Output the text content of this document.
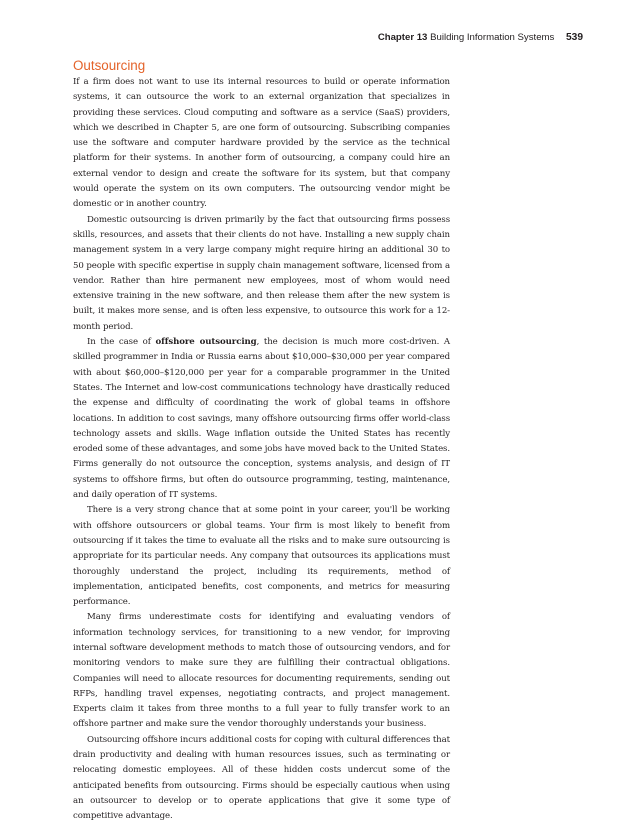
Chapter 13 Building Information Systems 539
Outsourcing

If a firm does not want to use its internal resources to build or operate information systems, it can outsource the work to an external organization that specializes in providing these services. Cloud computing and software as a service (SaaS) providers, which we described in Chapter 5, are one form of outsourcing. Subscribing companies use the software and computer hardware provided by the service as the technical platform for their systems. In another form of outsourcing, a company could hire an external vendor to design and create the software for its system, but that company would operate the system on its own computers. The outsourcing vendor might be domestic or in another country.

Domestic outsourcing is driven primarily by the fact that outsourcing firms possess skills, resources, and assets that their clients do not have. Installing a new supply chain management system in a very large company might require hiring an additional 30 to 50 people with specific expertise in supply chain management software, licensed from a vendor. Rather than hire permanent new employees, most of whom would need extensive training in the new software, and then release them after the new system is built, it makes more sense, and is often less expensive, to outsource this work for a 12-month period.

In the case of offshore outsourcing, the decision is much more cost-driven. A skilled programmer in India or Russia earns about $10,000–$30,000 per year compared with about $60,000–$120,000 per year for a comparable programmer in the United States. The Internet and low-cost communications technology have drastically reduced the expense and difficulty of coordinating the work of global teams in offshore locations. In addition to cost savings, many offshore outsourcing firms offer world-class technology assets and skills. Wage inflation outside the United States has recently eroded some of these advantages, and some jobs have moved back to the United States. Firms generally do not outsource the conception, systems analysis, and design of IT systems to offshore firms, but often do outsource programming, testing, maintenance, and daily operation of IT systems.

There is a very strong chance that at some point in your career, you'll be working with offshore outsourcers or global teams. Your firm is most likely to benefit from outsourcing if it takes the time to evaluate all the risks and to make sure outsourcing is appropriate for its particular needs. Any company that outsources its applications must thoroughly understand the project, including its requirements, method of implementation, anticipated benefits, cost components, and metrics for measuring performance.

Many firms underestimate costs for identifying and evaluating vendors of information technology services, for transitioning to a new vendor, for improving internal software development methods to match those of outsourcing vendors, and for monitoring vendors to make sure they are fulfilling their contractual obligations. Companies will need to allocate resources for documenting requirements, sending out RFPs, handling travel expenses, negotiating contracts, and project management. Experts claim it takes from three months to a full year to fully transfer work to an offshore partner and make sure the vendor thoroughly understands your business.

Outsourcing offshore incurs additional costs for coping with cultural differences that drain productivity and dealing with human resources issues, such as terminating or relocating domestic employees. All of these hidden costs undercut some of the anticipated benefits from outsourcing. Firms should be especially cautious when using an outsourcer to develop or to operate applications that give it some type of competitive advantage.
